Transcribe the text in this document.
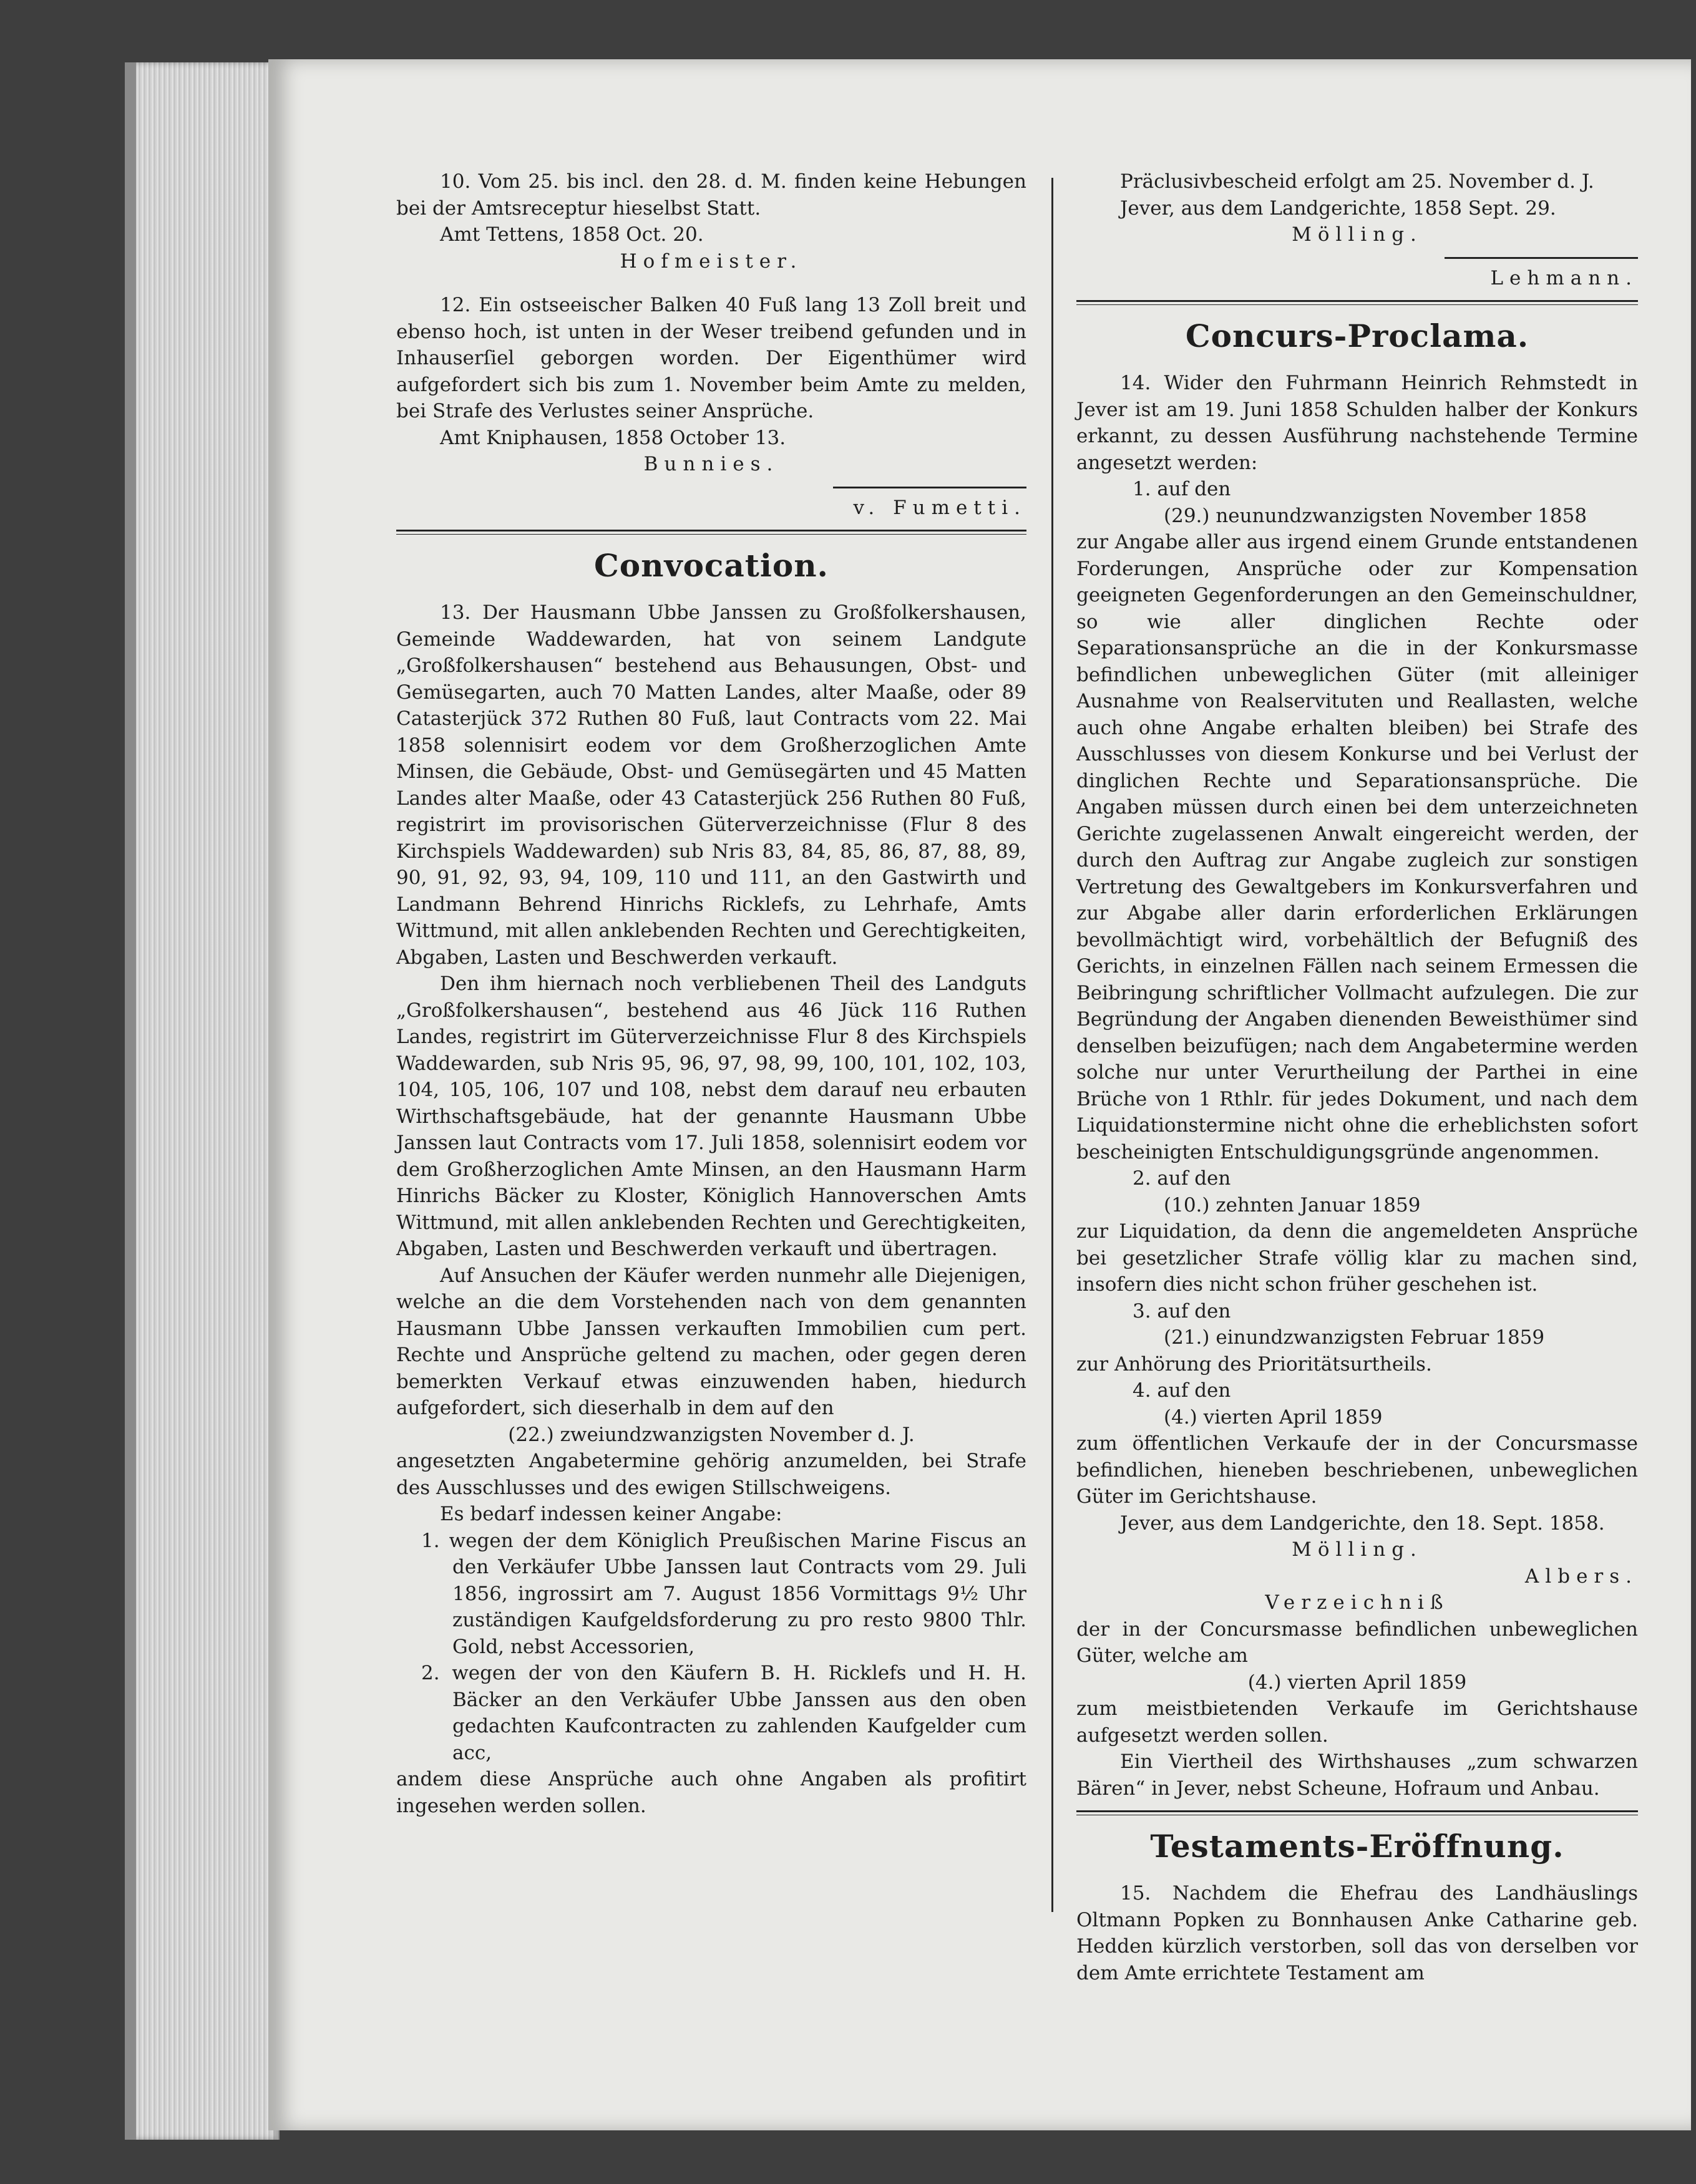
10. Vom 25. bis incl. den 28. d. M. finden keine Hebungen bei der Amtsreceptur hieselbst Statt.

Amt Tettens, 1858 Oct. 20.

Hofmeister.

12. Ein ostseeischer Balken 40 Fuß lang 13 Zoll breit und ebenso hoch, ist unten in der Weser treibend gefunden und in Inhauserſiel geborgen worden. Der Eigenthümer wird aufgefordert sich bis zum 1. November beim Amte zu melden, bei Strafe des Verlustes seiner Ansprüche.

Amt Kniphausen, 1858 October 13.

Bunnies.

v. Fumetti.

Convocation.

13. Der Hausmann Ubbe Janssen zu Großfolkershausen, Gemeinde Waddewarden, hat von seinem Landgute „Großfolkershausen“ bestehend aus Behausungen, Obst- und Gemüsegarten, auch 70 Matten Landes, alter Maaße, oder 89 Catasterjück 372 Ruthen 80 Fuß, laut Contracts vom 22. Mai 1858 solennisirt eodem vor dem Großherzoglichen Amte Minsen, die Gebäude, Obst- und Gemüsegärten und 45 Matten Landes alter Maaße, oder 43 Catasterjück 256 Ruthen 80 Fuß, registrirt im provisorischen Güterverzeichnisse (Flur 8 des Kirchspiels Waddewarden) sub Nris 83, 84, 85, 86, 87, 88, 89, 90, 91, 92, 93, 94, 109, 110 und 111, an den Gastwirth und Landmann Behrend Hinrichs Ricklefs, zu Lehrhafe, Amts Wittmund, mit allen anklebenden Rechten und Gerechtigkeiten, Abgaben, Lasten und Beschwerden verkauft.

Den ihm hiernach noch verbliebenen Theil des Landguts „Großfolkershausen“, bestehend aus 46 Jück 116 Ruthen Landes, registrirt im Güterverzeichnisse Flur 8 des Kirchspiels Waddewarden, sub Nris 95, 96, 97, 98, 99, 100, 101, 102, 103, 104, 105, 106, 107 und 108, nebst dem darauf neu erbauten Wirthschaftsgebäude, hat der genannte Hausmann Ubbe Janssen laut Contracts vom 17. Juli 1858, solennisirt eodem vor dem Großherzoglichen Amte Minsen, an den Hausmann Harm Hinrichs Bäcker zu Kloster, Königlich Hannoverschen Amts Wittmund, mit allen anklebenden Rechten und Gerechtigkeiten, Abgaben, Lasten und Beschwerden verkauft und übertragen.

Auf Ansuchen der Käufer werden nunmehr alle Diejenigen, welche an die dem Vorstehenden nach von dem genannten Hausmann Ubbe Janssen verkauften Immobilien cum pert. Rechte und Ansprüche geltend zu machen, oder gegen deren bemerkten Verkauf etwas einzuwenden haben, hiedurch aufgefordert, sich dieserhalb in dem auf den

(22.) zweiundzwanzigsten November d. J.

angesetzten Angabetermine gehörig anzumelden, bei Strafe des Ausschlusses und des ewigen Stillschweigens.

Es bedarf indessen keiner Angabe:

1. wegen der dem Königlich Preußischen Marine Fiscus an den Verkäufer Ubbe Janssen laut Contracts vom 29. Juli 1856, ingrossirt am 7. August 1856 Vormittags 9½ Uhr zuständigen Kaufgeldsforderung zu pro resto 9800 Thlr. Gold, nebst Accessorien,

2. wegen der von den Käufern B. H. Ricklefs und H. H. Bäcker an den Verkäufer Ubbe Janssen aus den oben gedachten Kaufcontracten zu zahlenden Kaufgelder cum acc,

andem diese Ansprüche auch ohne Angaben als profitirt ingesehen werden sollen.

Präclusivbescheid erfolgt am 25. November d. J.

Jever, aus dem Landgerichte, 1858 Sept. 29.

Mölling.

Lehmann.

Concurs-Proclama.

14. Wider den Fuhrmann Heinrich Rehmstedt in Jever ist am 19. Juni 1858 Schulden halber der Konkurs erkannt, zu dessen Ausführung nachstehende Termine angesetzt werden:

1. auf den

(29.) neunundzwanzigsten November 1858

zur Angabe aller aus irgend einem Grunde entstandenen Forderungen, Ansprüche oder zur Kompensation geeigneten Gegenforderungen an den Gemeinschuldner, so wie aller dinglichen Rechte oder Separationsansprüche an die in der Konkursmasse befindlichen unbeweglichen Güter (mit alleiniger Ausnahme von Realservituten und Reallasten, welche auch ohne Angabe erhalten bleiben) bei Strafe des Ausschlusses von diesem Konkurse und bei Verlust der dinglichen Rechte und Separationsansprüche. Die Angaben müssen durch einen bei dem unterzeichneten Gerichte zugelassenen Anwalt eingereicht werden, der durch den Auftrag zur Angabe zugleich zur sonstigen Vertretung des Gewaltgebers im Konkursverfahren und zur Abgabe aller darin erforderlichen Erklärungen bevollmächtigt wird, vorbehältlich der Befugniß des Gerichts, in einzelnen Fällen nach seinem Ermessen die Beibringung schriftlicher Vollmacht aufzulegen. Die zur Begründung der Angaben dienenden Beweisthümer sind denselben beizufügen; nach dem Angabetermine werden solche nur unter Verurtheilung der Parthei in eine Brüche von 1 Rthlr. für jedes Dokument, und nach dem Liquidationstermine nicht ohne die erheblichsten sofort bescheinigten Entschuldigungsgründe angenommen.

2. auf den

(10.) zehnten Januar 1859

zur Liquidation, da denn die angemeldeten Ansprüche bei gesetzlicher Strafe völlig klar zu machen sind, insofern dies nicht schon früher geschehen ist.

3. auf den

(21.) einundzwanzigsten Februar 1859

zur Anhörung des Prioritätsurtheils.

4. auf den

(4.) vierten April 1859

zum öffentlichen Verkaufe der in der Concursmasse befindlichen, hieneben beschriebenen, unbeweglichen Güter im Gerichtshause.

Jever, aus dem Landgerichte, den 18. Sept. 1858.

Mölling.

Albers.

Verzeichniß

der in der Concursmasse befindlichen unbeweglichen Güter, welche am

(4.) vierten April 1859

zum meistbietenden Verkaufe im Gerichtshause aufgesetzt werden sollen.

Ein Viertheil des Wirthshauses „zum schwarzen Bären“ in Jever, nebst Scheune, Hofraum und Anbau.

Testaments-Eröffnung.

15. Nachdem die Ehefrau des Landhäuslings Oltmann Popken zu Bonnhausen Anke Catharine geb. Hedden kürzlich verstorben, soll das von derselben vor dem Amte errichtete Testament am
